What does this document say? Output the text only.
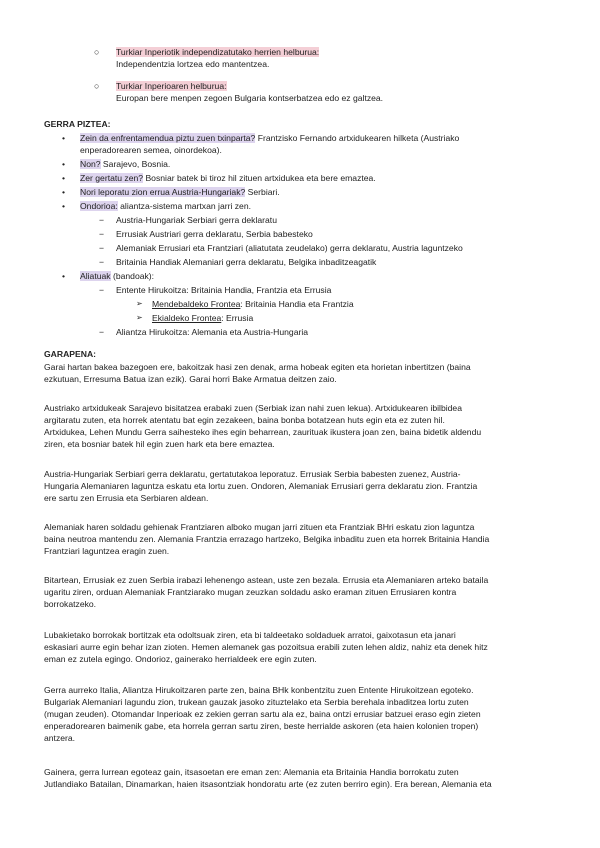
○ Turkiar Inperiotik independizatutako herrien helburua:
Independentzia lortzea edo mantentzea.
○ Turkiar Inperioaren helburua:
Europan bere menpen zegoen Bulgaria kontserbatzea edo ez galtzea.
GERRA PIZTEA:
• Zein da enfrentamendua piztu zuen txinparta? Frantzisko Fernando artxidukearen hilketa (Austriako
enperadorearen semea, oinordekoa).
• Non? Sarajevo, Bosnia.
• Zer gertatu zen? Bosniar batek bi tiroz hil zituen artxidukea eta bere emaztea.
• Nori leporatu zion errua Austria-Hungariak? Serbiari.
• Ondorioa: aliantza-sistema martxan jarri zen.
− Austria-Hungariak Serbiari gerra deklaratu
− Errusiak Austriari gerra deklaratu, Serbia babesteko
− Alemaniak Errusiari eta Frantziari (aliatutata zeudelako) gerra deklaratu, Austria laguntzeko
− Britainia Handiak Alemaniari gerra deklaratu, Belgika inbaditzeagatik
• Aliatuak (bandoak):
− Entente Hirukoitza: Britainia Handia, Frantzia eta Errusia
➢ Mendebaldeko Frontea: Britainia Handia eta Frantzia
➢ Ekialdeko Frontea: Errusia
− Aliantza Hirukoitza: Alemania eta Austria-Hungaria
GARAPENA:
Garai hartan bakea bazegoen ere, bakoitzak hasi zen denak, arma hobeak egiten eta horietan inbertitzen (baina
ezkutuan, Erresuma Batua izan ezik). Garai horri Bake Armatua deitzen zaio.
Austriako artxidukeak Sarajevo bisitatzea erabaki zuen (Serbiak izan nahi zuen lekua). Artxidukearen ibilbidea
argitaratu zuten, eta horrek atentatu bat egin zezakeen, baina bonba botatzean huts egin eta ez zuten hil.
Artxidukea, Lehen Mundu Gerra saihesteko ihes egin beharrean, zaurituak ikustera joan zen, baina bidetik aldendu
ziren, eta bosniar batek hil egin zuen hark eta bere emaztea.
Austria-Hungariak Serbiari gerra deklaratu, gertatutakoa leporatuz. Errusiak Serbia babesten zuenez, Austria-
Hungaria Alemaniaren laguntza eskatu eta lortu zuen. Ondoren, Alemaniak Errusiari gerra deklaratu zion. Frantzia
ere sartu zen Errusia eta Serbiaren aldean.
Alemaniak haren soldadu gehienak Frantziaren alboko mugan jarri zituen eta Frantziak BHri eskatu zion laguntza
baina neutroa mantendu zen. Alemania Frantzia errazago hartzeko, Belgika inbaditu zuen eta horrek Britainia Handia
Frantziari laguntzea eragin zuen.
Bitartean, Errusiak ez zuen Serbia irabazi lehenengo astean, uste zen bezala. Errusia eta Alemaniaren arteko bataila
ugaritu ziren, orduan Alemaniak Frantziarako mugan zeuzkan soldadu asko eraman zituen Errusiaren kontra
borrokatzeko.
Lubakietako borrokak bortitzak eta odoltsuak ziren, eta bi taldeetako soldaduek arratoi, gaixotasun eta janari
eskasiari aurre egin behar izan zioten. Hemen alemanek gas pozoitsua erabili zuten lehen aldiz, nahiz eta denek hitz
eman ez zutela egingo. Ondorioz, gainerako herrialdeek ere egin zuten.
Gerra aurreko Italia, Aliantza Hirukoitzaren parte zen, baina BHk konbentzitu zuen Entente Hirukoitzean egoteko.
Bulgariak Alemaniari lagundu zion, trukean gauzak jasoko zituztelako eta Serbia berehala inbaditzea lortu zuten
(mugan zeuden). Otomandar Inperioak ez zekien gerran sartu ala ez, baina ontzi errusiar batzuei eraso egin zieten
enperadorearen baimenik gabe, eta horrela gerran sartu ziren, beste herrialde askoren (eta haien kolonien tropen)
antzera.
Gainera, gerra lurrean egoteaz gain, itsasoetan ere eman zen: Alemania eta Britainia Handia borrokatu zuten
Jutlandiako Batailan, Dinamarkan, haien itsasontziak hondoratu arte (ez zuten berriro egin). Era berean, Alemania eta
